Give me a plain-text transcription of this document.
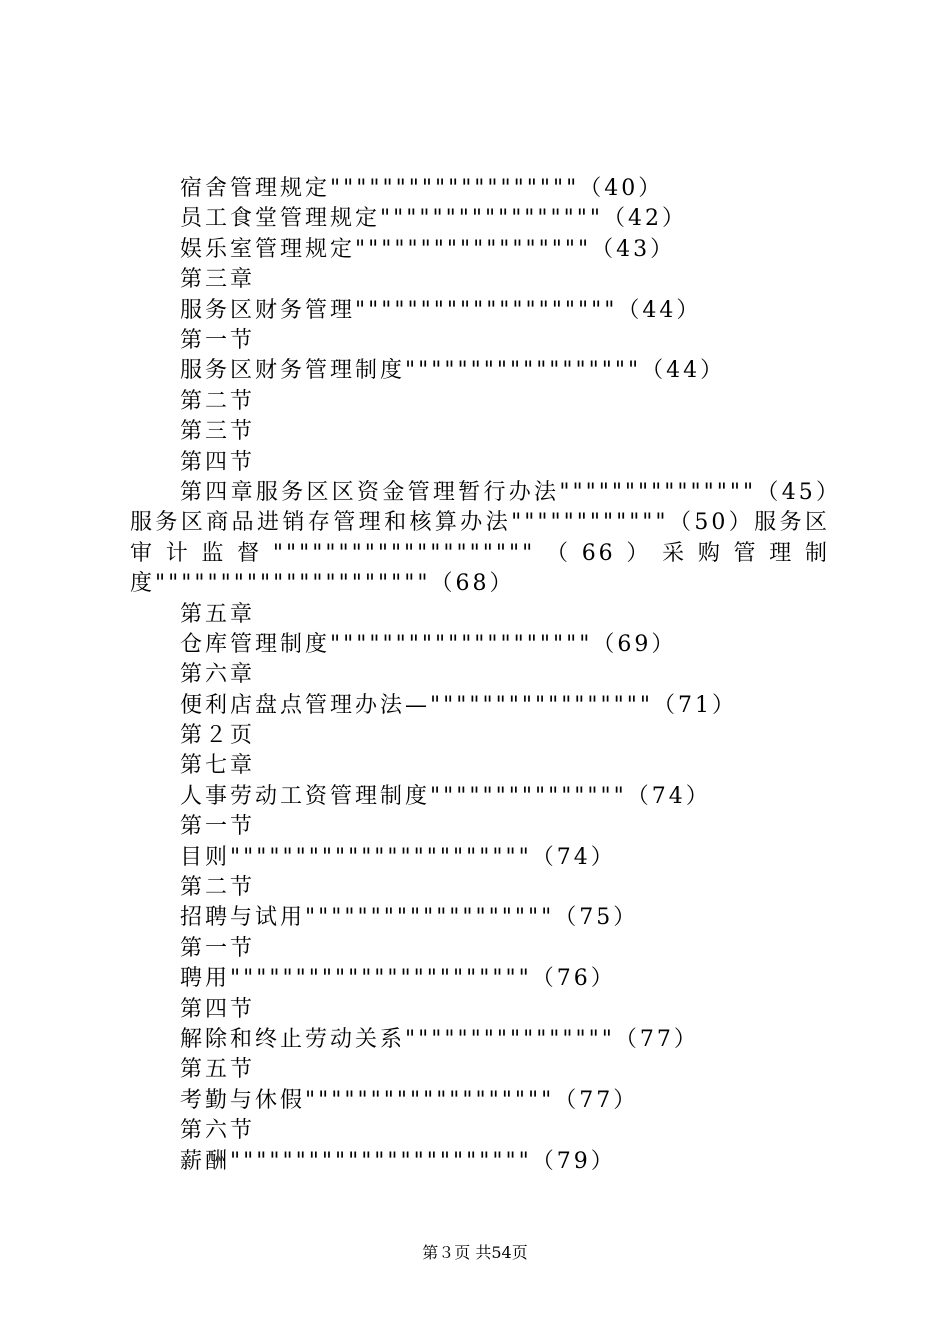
宿舍管理规定"""""""""""""""""""（40）
员工食堂管理规定"""""""""""""""""（42）
娱乐室管理规定""""""""""""""""""（43）
第三章
服务区财务管理""""""""""""""""""""（44）
第一节
服务区财务管理制度""""""""""""""""""（44）
第二节
第三节
第四节
第四章服务区区资金管理暂行办法"""""""""""""""（45）服务区商品进销存管理和核算办法""""""""""""（50）服务区审计监督""""""""""""""""""""（66）采购管理制度"""""""""""""""""""""（68）
第五章
仓库管理制度""""""""""""""""""""（69）
第六章
便利店盘点管理办法—"""""""""""""""""（71）
第２页
第七章
人事劳动工资管理制度"""""""""""""""（74）
第一节
目则"""""""""""""""""""""""（74）
第二节
招聘与试用"""""""""""""""""""（75）
第一节
聘用"""""""""""""""""""""""（76）
第四节
解除和终止劳动关系""""""""""""""""（77）
第五节
考勤与休假"""""""""""""""""""（77）
第六节
薪酬"""""""""""""""""""""""（79）
第３页 共54页
